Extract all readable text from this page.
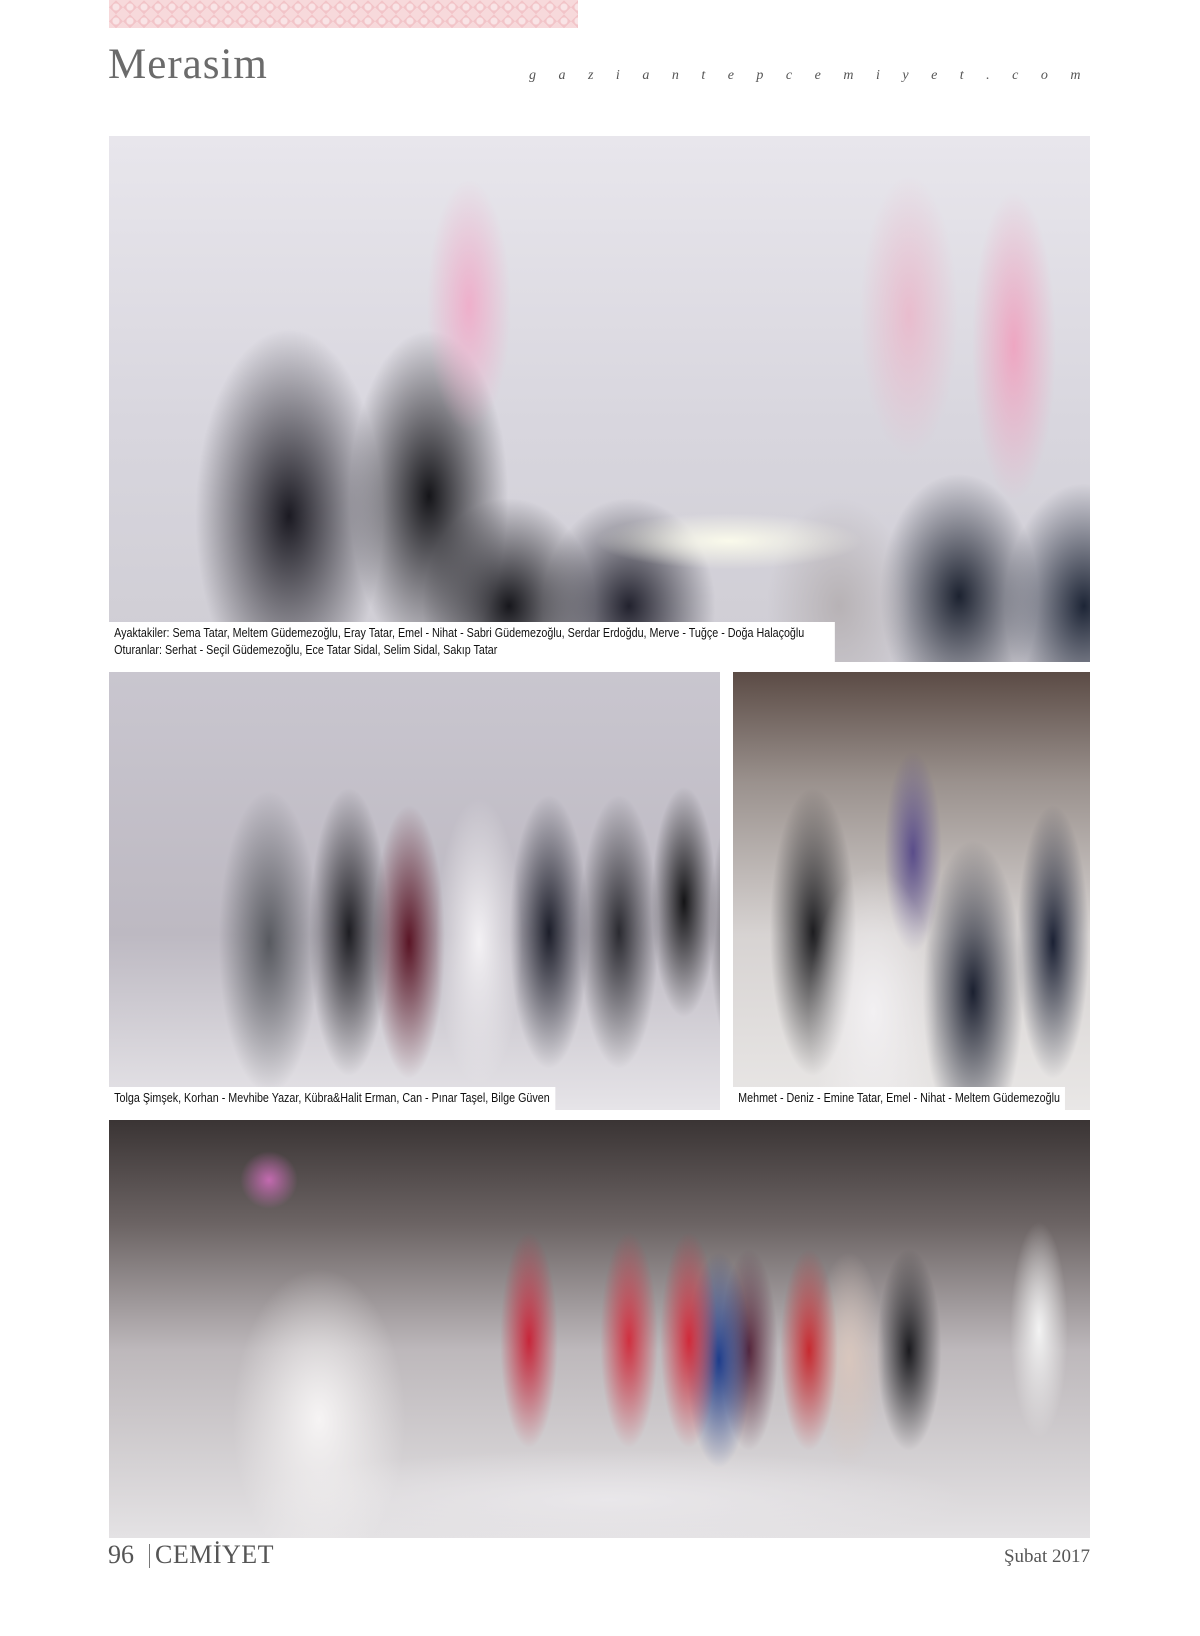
Merasim	g a z i a n t e p c e m i y e t . c o m
Ayaktakiler: Sema Tatar, Meltem Güdemezoğlu, Eray Tatar, Emel - Nihat - Sabri Güdemezoğlu, Serdar Erdoğdu, Merve - Tuğçe - Doğa Halaçoğlu
Oturanlar: Serhat - Seçil Güdemezoğlu, Ece Tatar Sidal, Selim Sidal, Sakıp Tatar
Tolga Şimşek, Korhan - Mevhibe Yazar, Kübra&Halit Erman, Can - Pınar Taşel, Bilge Güven	Mehmet - Deniz - Emine Tatar, Emel - Nihat - Meltem Güdemezoğlu
96 CEMİYET	Şubat 2017
